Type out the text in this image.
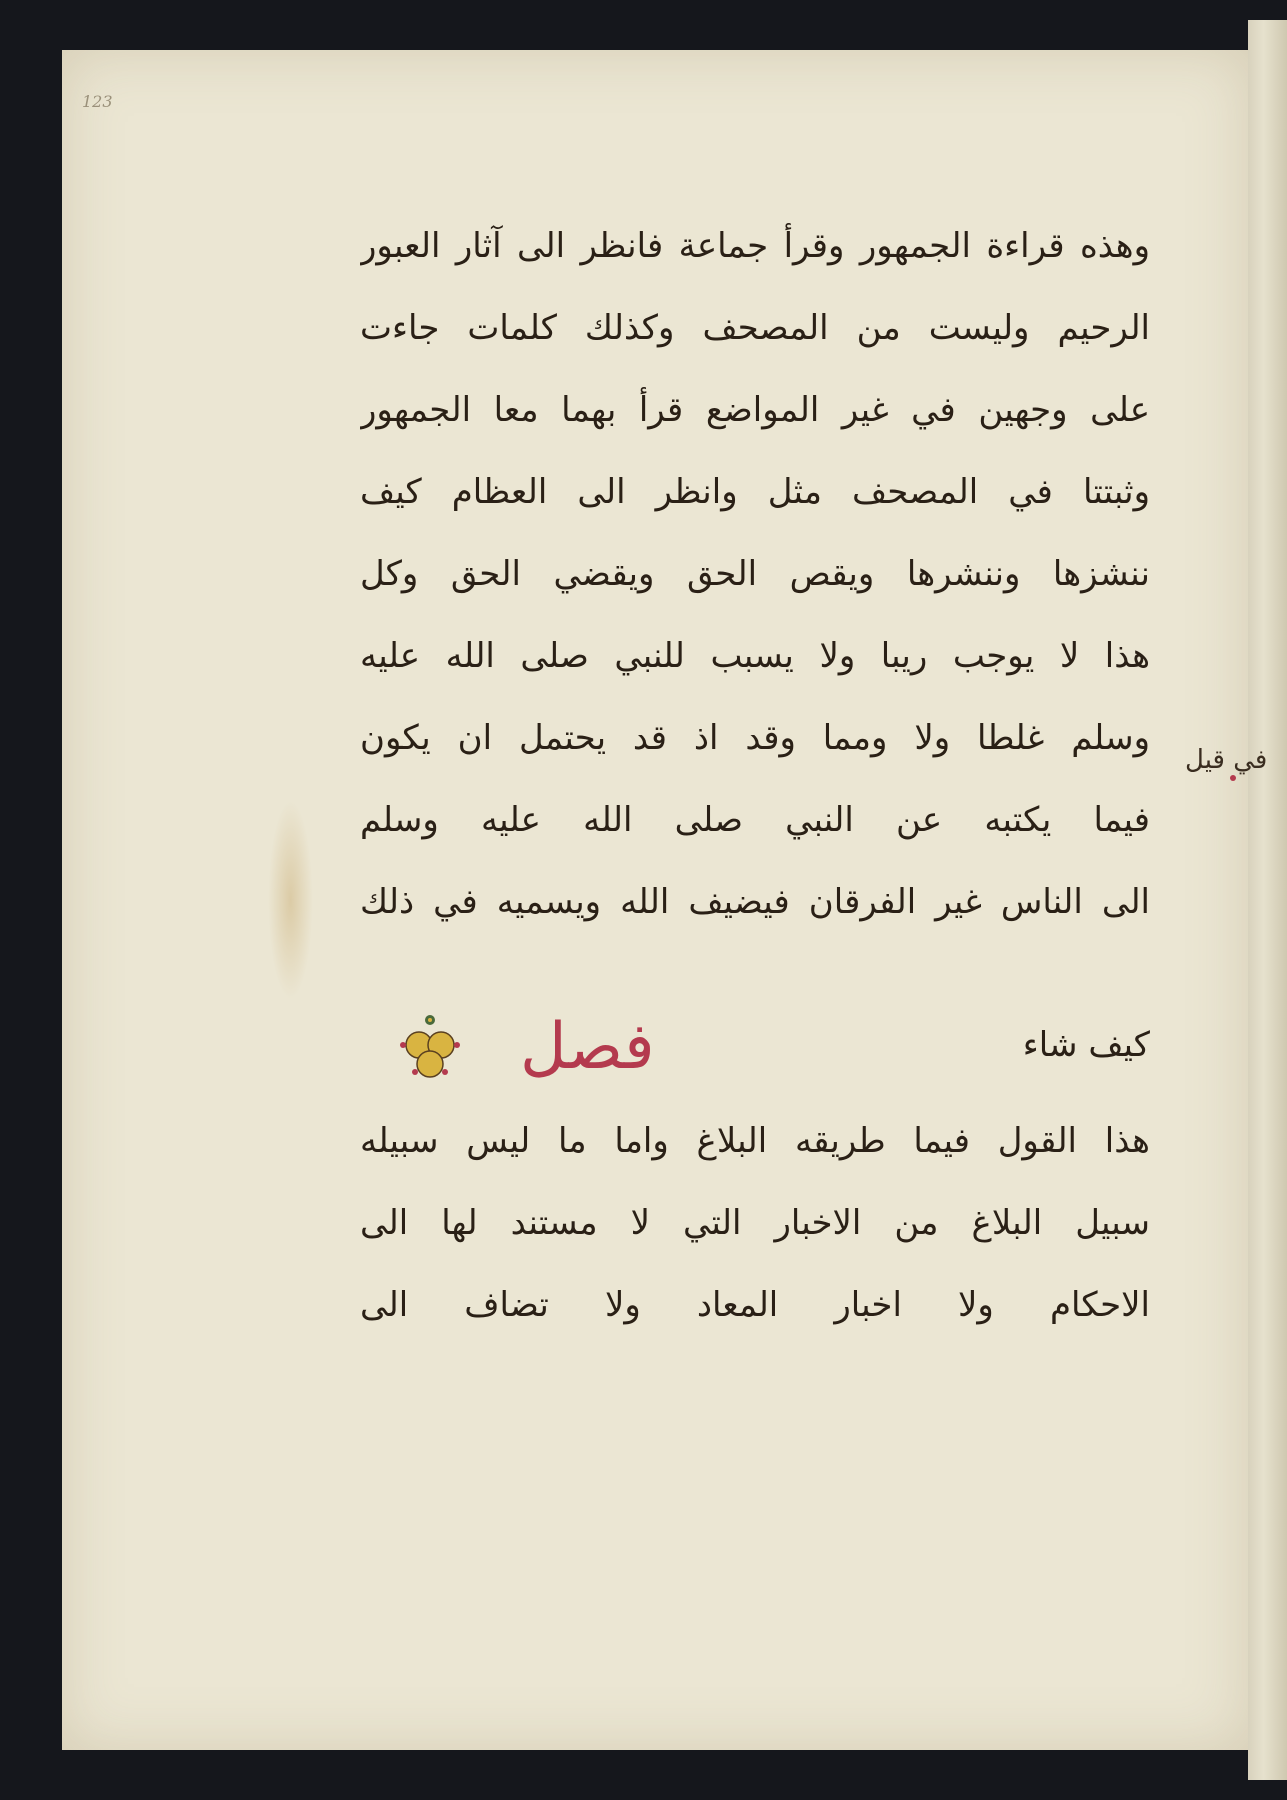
123
وهذه قراءة الجمهور وقرأ جماعة فانظر الى آثار العبور
الرحيم وليست من المصحف وكذلك كلمات جاءت
على وجهين في غير المواضع قرأ بهما معا الجمهور
وثبتتا في المصحف مثل وانظر الى العظام كيف
ننشزها وننشرها ويقص الحق ويقضي الحق وكل
هذا لا يوجب ريبا ولا يسبب للنبي صلى الله عليه
وسلم غلطا ولا ومما وقد اذ قد يحتمل ان يكون
فيما يكتبه عن النبي صلى الله عليه وسلم
الى الناس غير الفرقان فيضيف الله ويسميه في ذلك
كيف شاء
فصل
هذا القول فيما طريقه البلاغ واما ما ليس سبيله
سبيل البلاغ من الاخبار التي لا مستند لها الى
الاحكام ولا اخبار المعاد ولا تضاف الى
في قيل
